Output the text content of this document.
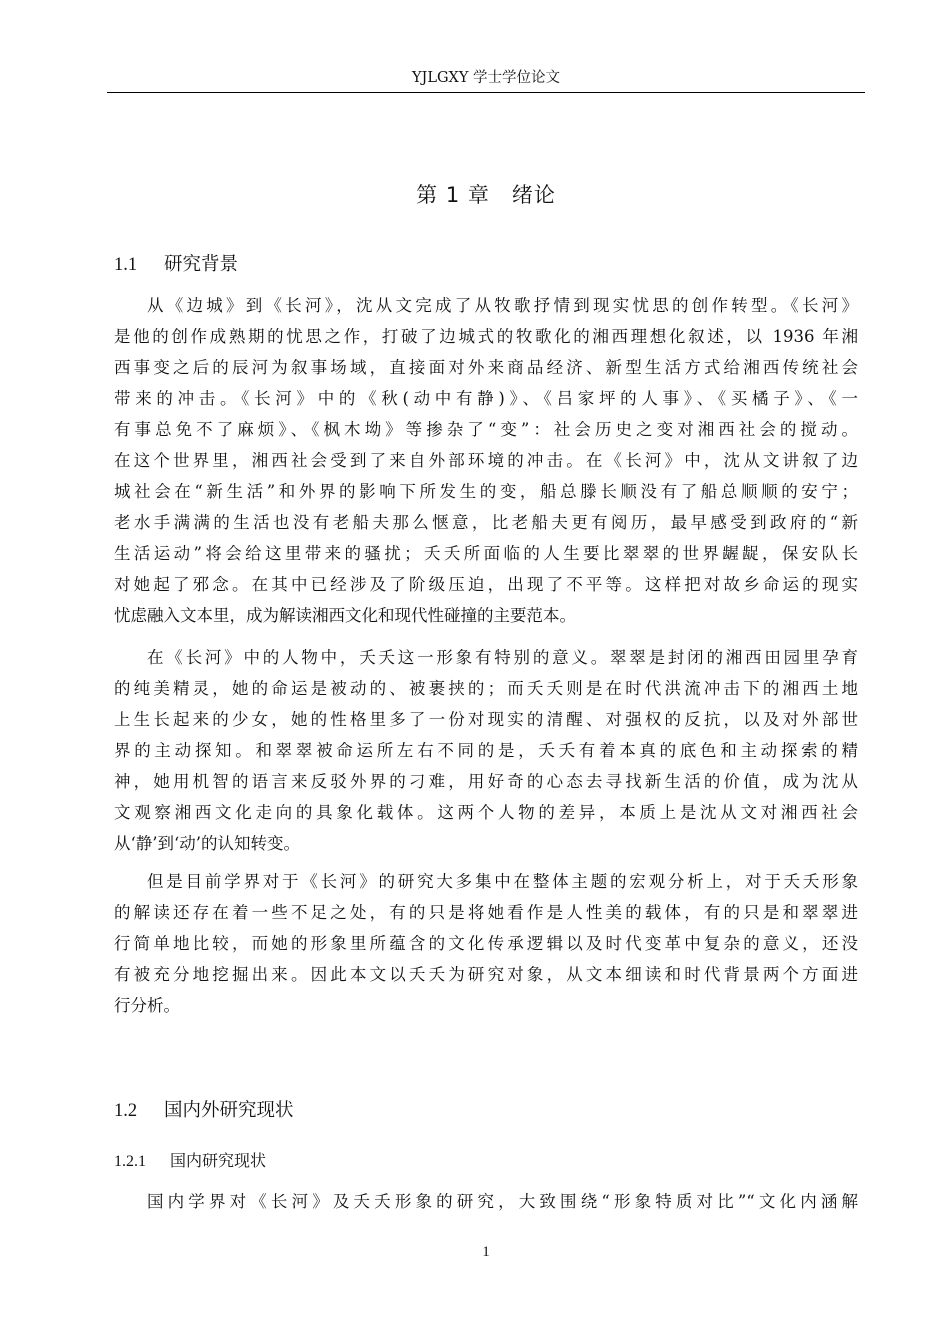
YJLGXY 学士学位论文
第 1 章 绪论
1.1 研究背景
从《边城》到《长河》，沈从文完成了从牧歌抒情到现实忧思的创作转型。《长河》
是他的创作成熟期的忧思之作，打破了边城式的牧歌化的湘西理想化叙述，以 1936 年湘
西事变之后的辰河为叙事场域，直接面对外来商品经济、新型生活方式给湘西传统社会
带来的冲击。《长河》中的《秋(动中有静)》、《吕家坪的人事》、《买橘子》、《一
有事总免不了麻烦》、《枫木坳》等掺杂了“变”：社会历史之变对湘西社会的搅动。
在这个世界里，湘西社会受到了来自外部环境的冲击。在《长河》中，沈从文讲叙了边
城社会在“新生活”和外界的影响下所发生的变，船总滕长顺没有了船总顺顺的安宁；
老水手满满的生活也没有老船夫那么惬意，比老船夫更有阅历，最早感受到政府的“新
生活运动”将会给这里带来的骚扰；夭夭所面临的人生要比翠翠的世界龌龊，保安队长
对她起了邪念。在其中已经涉及了阶级压迫，出现了不平等。这样把对故乡命运的现实
忧虑融入文本里，成为解读湘西文化和现代性碰撞的主要范本。
在《长河》中的人物中，夭夭这一形象有特别的意义。翠翠是封闭的湘西田园里孕育
的纯美精灵，她的命运是被动的、被裹挟的；而夭夭则是在时代洪流冲击下的湘西土地
上生长起来的少女，她的性格里多了一份对现实的清醒、对强权的反抗，以及对外部世
界的主动探知。和翠翠被命运所左右不同的是，夭夭有着本真的底色和主动探索的精
神，她用机智的语言来反驳外界的刁难，用好奇的心态去寻找新生活的价值，成为沈从
文观察湘西文化走向的具象化载体。这两个人物的差异，本质上是沈从文对湘西社会
从‘静’到‘动’的认知转变。
但是目前学界对于《长河》的研究大多集中在整体主题的宏观分析上，对于夭夭形象
的解读还存在着一些不足之处，有的只是将她看作是人性美的载体，有的只是和翠翠进
行简单地比较，而她的形象里所蕴含的文化传承逻辑以及时代变革中复杂的意义，还没
有被充分地挖掘出来。因此本文以夭夭为研究对象，从文本细读和时代背景两个方面进
行分析。
1.2 国内外研究现状
1.2.1 国内研究现状
国内学界对《长河》及夭夭形象的研究，大致围绕“形象特质对比”“文化内涵解
1
